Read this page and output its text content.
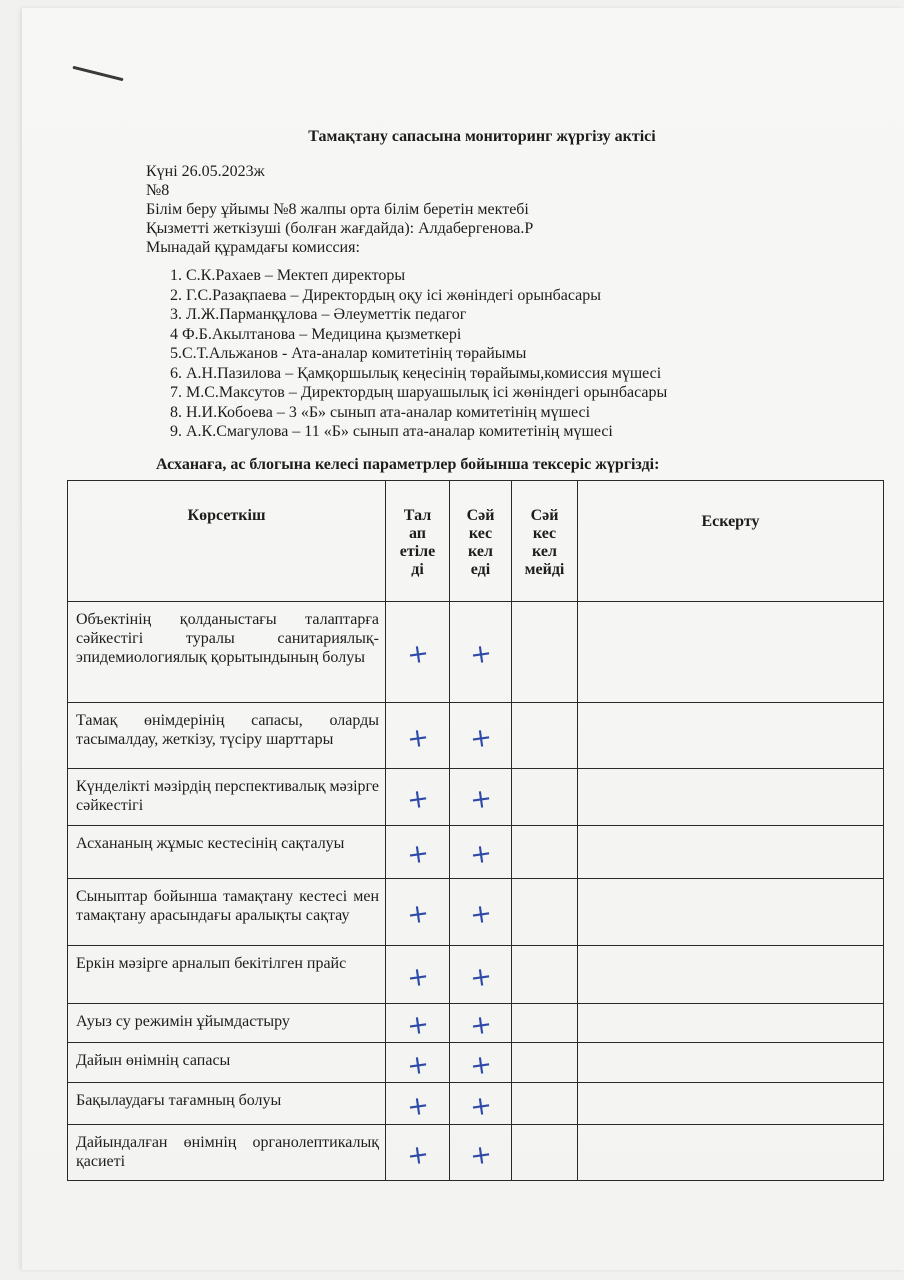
Тамақтану сапасына мониторинг жүргізу актісі
Күні 26.05.2023ж
№8
Білім беру ұйымы №8 жалпы орта білім беретін мектебі
Қызметті жеткізуші (болған жағдайда): Алдабергенова.Р
Мынадай құрамдағы комиссия:
1. С.К.Рахаев – Мектеп директоры
2. Г.С.Разақпаева – Директордың оқу ісі жөніндегі орынбасары
3. Л.Ж.Парманқұлова – Әлеуметтік педагог
4 Ф.Б.Акылтанова – Медицина қызметкері
5.С.Т.Альжанов - Ата-аналар комитетінің төрайымы
6. А.Н.Пазилова – Қамқоршылық кеңесінің төрайымы,комиссия мүшесі
7. М.С.Максутов – Директордың шаруашылық ісі жөніндегі орынбасары
8. Н.И.Кобоева – 3 «Б» сынып ата-аналар комитетінің мүшесі
9. А.К.Смагулова – 11 «Б» сынып ата-аналар комитетінің мүшесі
Асханаға, ас блогына келесі параметрлер бойынша тексеріс жүргізді:
Көрсеткіш	Тал
ап
етіле
ді	Сәй
кес
кел
еді	Сәй
кес
кел
мейді	Ескерту
Объектінің қолданыстағы талаптарға сәйкестігі туралы санитариялық-эпидемиологиялық қорытындының болуы	+	+		

Тамақ өнімдерінің сапасы, оларды тасымалдау, жеткізу, түсіру шарттары	+	+		

Күнделікті мәзірдің перспективалық мәзірге сәйкестігі	+	+		

Асхананың жұмыс кестесінің сақталуы	+	+		

Сыныптар бойынша тамақтану кестесі мен тамақтану арасындағы аралықты сақтау	+	+		

Еркін мәзірге арналып бекітілген прайс	+	+		

Ауыз су режимін ұйымдастыру	+	+		

Дайын өнімнің сапасы	+	+		

Бақылаудағы тағамның болуы	+	+		

Дайындалған өнімнің органолептикалық қасиеті	+	+		
